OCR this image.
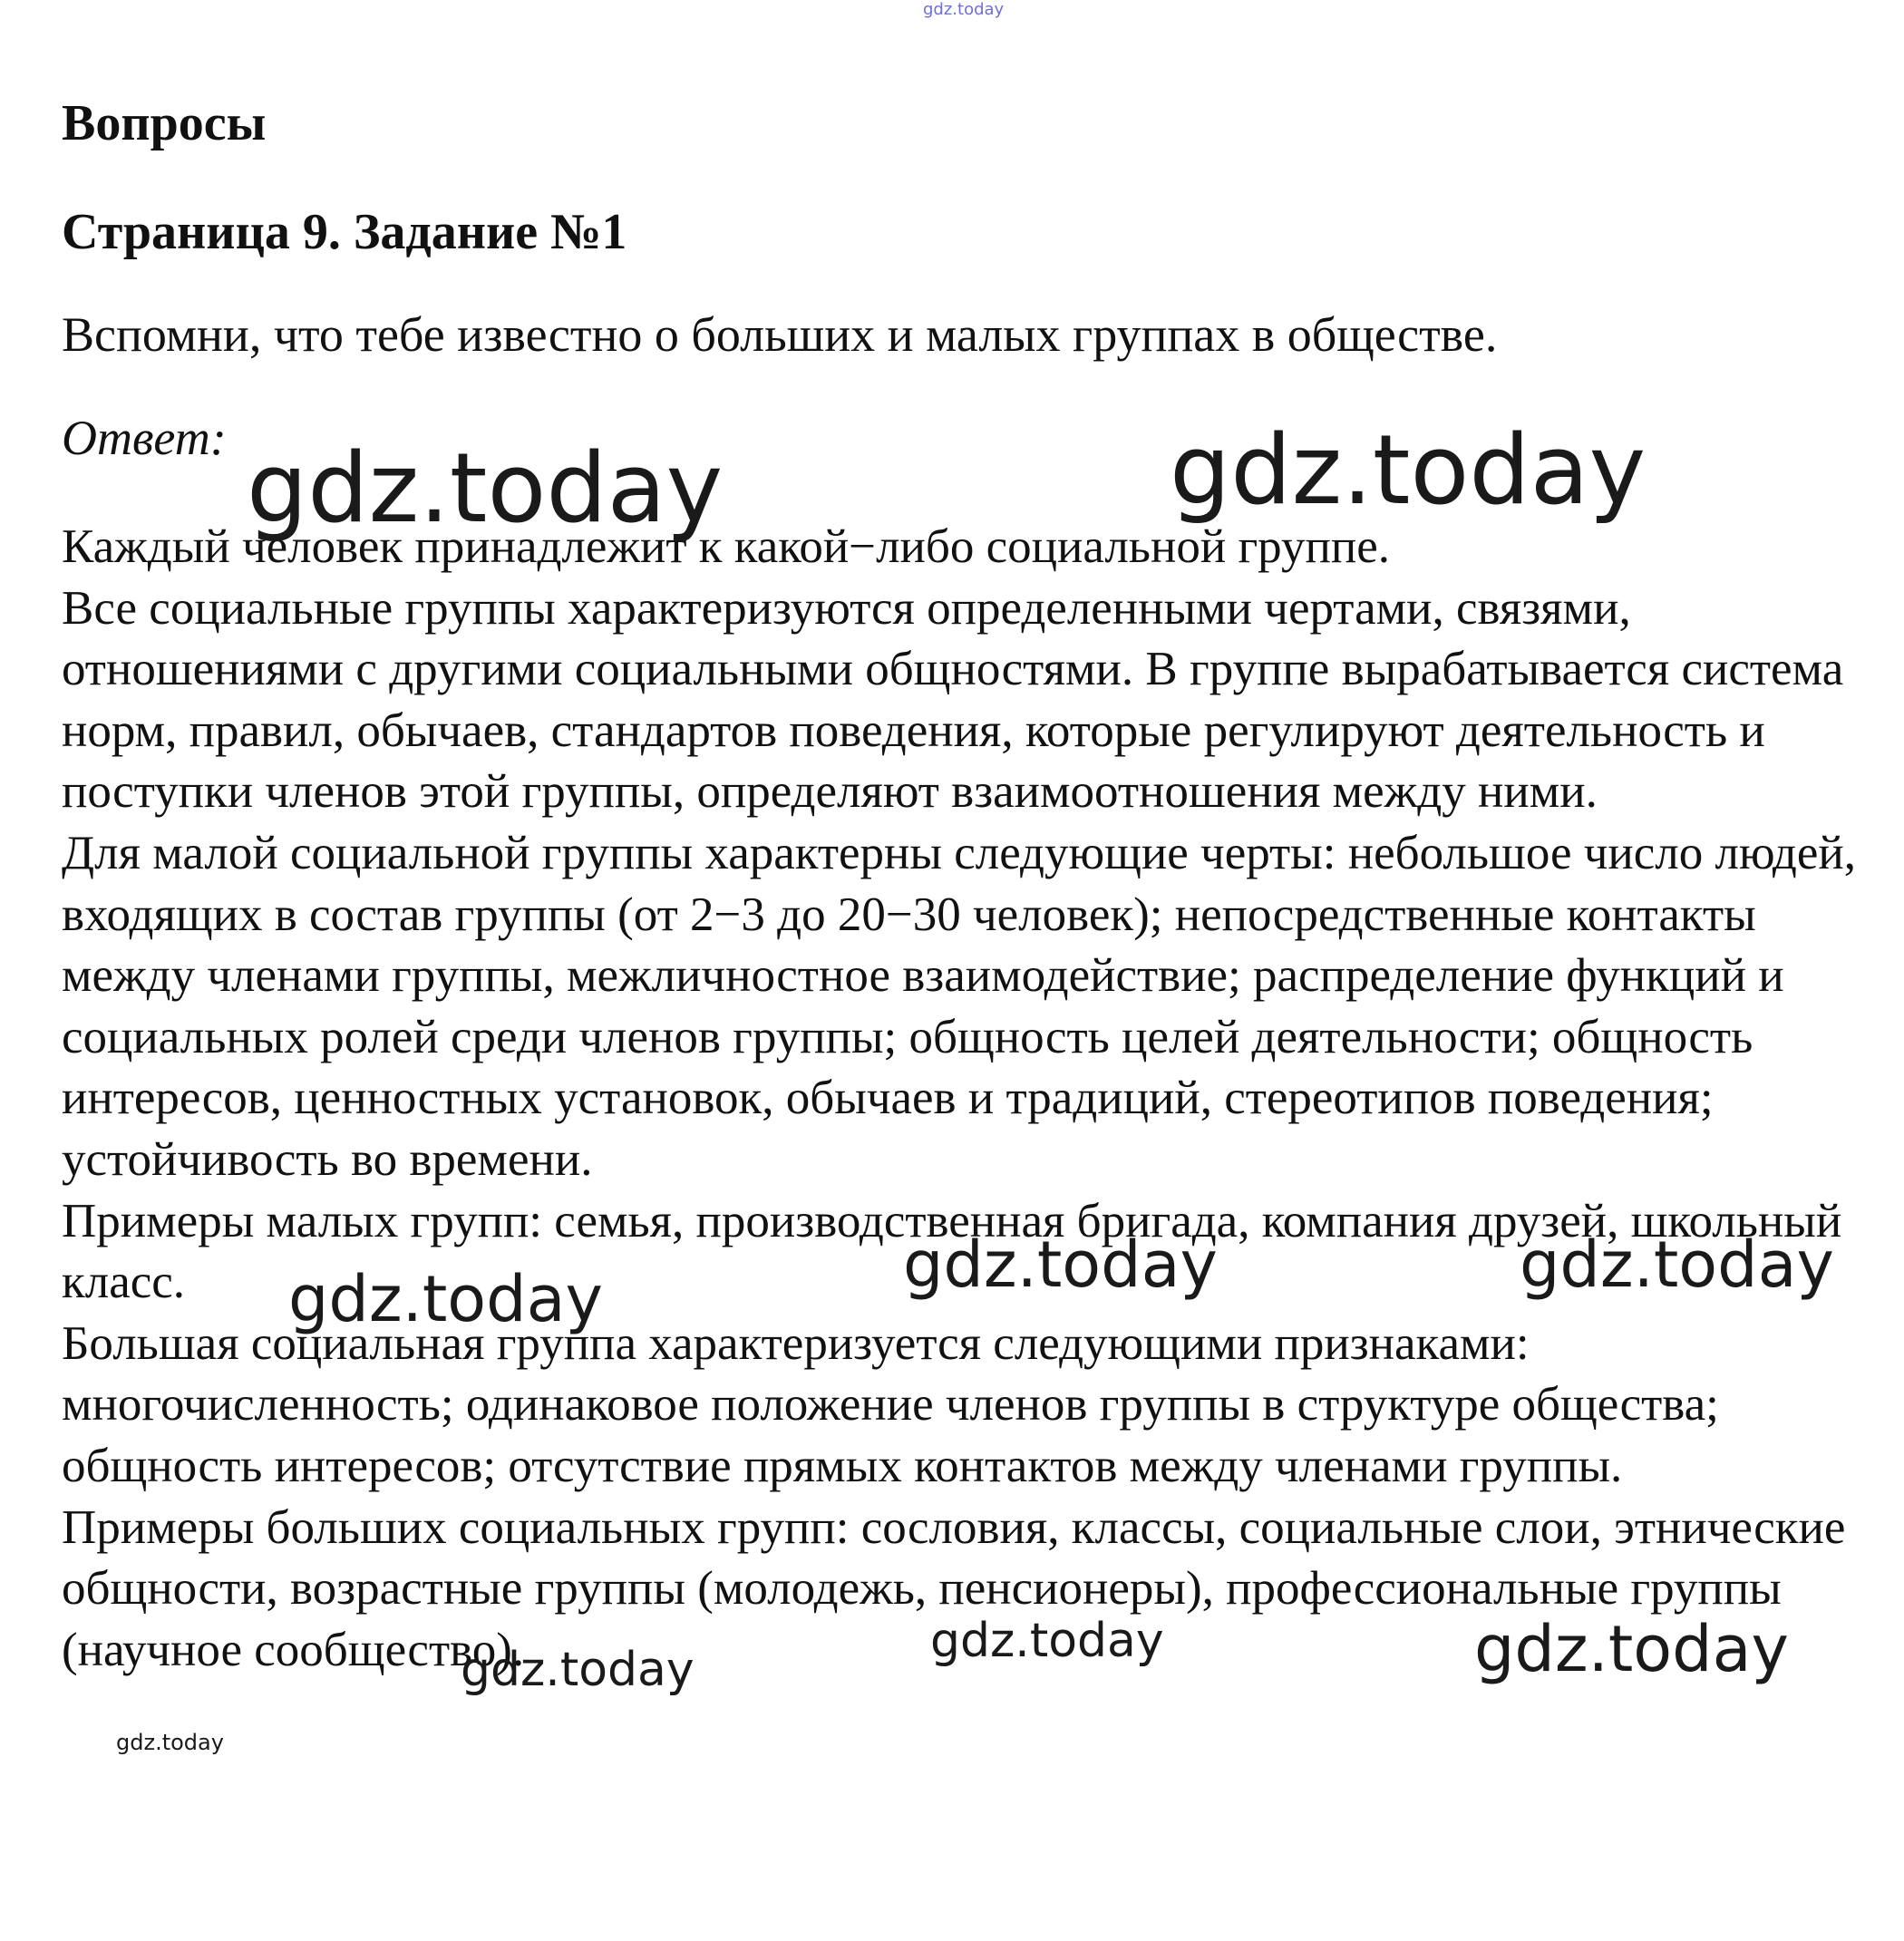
Вопросы
Страница 9. Задание №1

Вспомни, что тебе известно о больших и малых группах в обществе.

Ответ:

Каждый человек принадлежит к какой−либо социальной группе.

Все социальные группы характеризуются определенными чертами, связями, отношениями с другими социальными общностями. В группе вырабатывается система норм, правил, обычаев, стандартов поведения, которые регулируют деятельность и поступки членов этой группы, определяют взаимоотношения между ними.

Для малой социальной группы характерны следующие черты: небольшое число людей, входящих в состав группы (от 2−3 до 20−30 человек); непосредственные контакты между членами группы, межличностное взаимодействие; распределение функций и социальных ролей среди членов группы; общность целей деятельности; общность интересов, ценностных установок, обычаев и традиций, стереотипов поведения; устойчивость во времени.

Примеры малых групп: семья, производственная бригада, компания друзей, школьный класс.

Большая социальная группа характеризуется следующими признаками: многочисленность; одинаковое положение членов группы в структуре общества; общность интересов; отсутствие прямых контактов между членами группы.

Примеры больших социальных групп: сословия, классы, социальные слои, этнические общности, возрастные группы (молодежь, пенсионеры), профессиональные группы (научное сообщество).

gdz.today
gdz.today	gdz.today
gdz.today	gdz.today	gdz.today
gdz.today
gdz.today	gdz.today
gdz.today
